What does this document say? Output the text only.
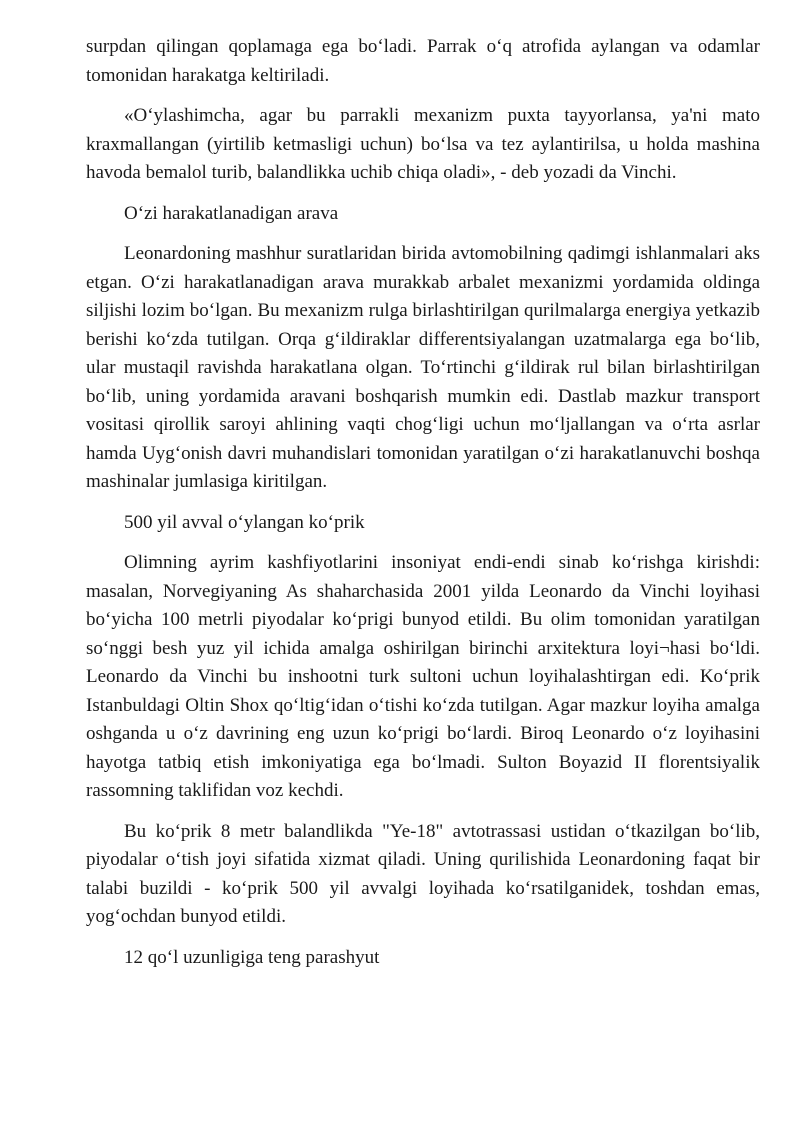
surpdan qilingan qoplamaga ega bo‘ladi. Parrak o‘q atrofida aylangan va odamlar tomonidan harakatga keltiriladi.

«O‘ylashimcha, agar bu parrakli mexanizm puxta tayyorlansa, ya'ni mato kraxmallangan (yirtilib ketmasligi uchun) bo‘lsa va tez aylantirilsa, u holda mashina havoda bemalol turib, balandlikka uchib chiqa oladi», - deb yozadi da Vinchi.

O‘zi harakatlanadigan arava

Leonardoning mashhur suratlaridan birida avtomobilning qadimgi ishlanmalari aks etgan. O‘zi harakatlanadigan arava murakkab arbalet mexanizmi yordamida oldinga siljishi lozim bo‘lgan. Bu mexanizm rulga birlashtirilgan qurilmalarga energiya yetkazib berishi ko‘zda tutilgan. Orqa g‘ildiraklar differentsiyalangan uzatmalarga ega bo‘lib, ular mustaqil ravishda harakatlana olgan. To‘rtinchi g‘ildirak rul bilan birlashtirilgan bo‘lib, uning yordamida aravani boshqarish mumkin edi. Dastlab mazkur transport vositasi qirollik saroyi ahlining vaqti chog‘ligi uchun mo‘ljallangan va o‘rta asrlar hamda Uyg‘onish davri muhandislari tomonidan yaratilgan o‘zi harakatlanuvchi boshqa mashinalar jumlasiga kiritilgan.

500 yil avval o‘ylangan ko‘prik

Olimning ayrim kashfiyotlarini insoniyat endi-endi sinab ko‘rishga kirishdi: masalan, Norvegiyaning As shaharchasida 2001 yilda Leonardo da Vinchi loyihasi bo‘yicha 100 metrli piyodalar ko‘prigi bunyod etildi. Bu olim tomonidan yaratilgan so‘nggi besh yuz yil ichida amalga oshirilgan birinchi arxitektura loyi¬hasi bo‘ldi. Leonardo da Vinchi bu inshootni turk sultoni uchun loyihalashtirgan edi. Ko‘prik Istanbuldagi Oltin Shox qo‘ltig‘idan o‘tishi ko‘zda tutilgan. Agar mazkur loyiha amalga oshganda u o‘z davrining eng uzun ko‘prigi bo‘lardi. Biroq Leonardo o‘z loyihasini hayotga tatbiq etish imkoniyatiga ega bo‘lmadi. Sulton Boyazid II florentsiyalik rassomning taklifidan voz kechdi.

Bu ko‘prik 8 metr balandlikda "Ye-18" avtotrassasi ustidan o‘tkazilgan bo‘lib, piyodalar o‘tish joyi sifatida xizmat qiladi. Uning qurilishida Leonardoning faqat bir talabi buzildi - ko‘prik 500 yil avvalgi loyihada ko‘rsatilganidek, toshdan emas, yog‘ochdan bunyod etildi.

12 qo‘l uzunligiga teng parashyut
